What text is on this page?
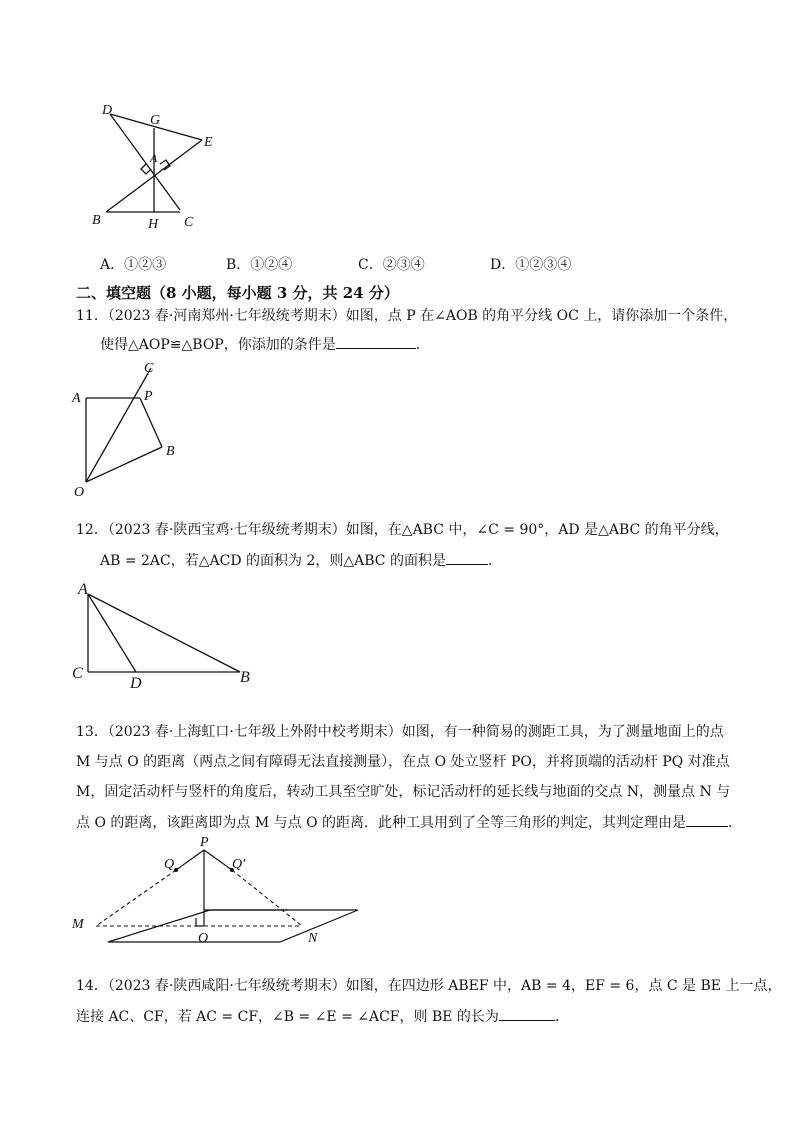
D
G
E
A
B	H C
A．①②③	B．①②④	C．②③④	D．①②③④
二、填空题（8 小题，每小题 3 分，共 24 分）
11．（2023 春·河南郑州·七年级统考期末）如图，点 P 在∠AOB 的角平分线 OC 上，请你添加一个条件，
使得△AOP≌△BOP，你添加的条件是	．
C
A	P
B
O
12．（2023 春·陕西宝鸡·七年级统考期末）如图，在△ABC 中，∠C = 90°，AD 是△ABC 的角平分线，
AB = 2AC，若△ACD 的面积为 2，则△ABC 的面积是	．
A
C
D	B
13．（2023 春·上海虹口·七年级上外附中校考期末）如图，有一种简易的测距工具，为了测量地面上的点
M 与点 O 的距离（两点之间有障碍无法直接测量），在点 O 处立竖杆 PO，并将顶端的活动杆 PQ 对准点
M，固定活动杆与竖杆的角度后，转动工具至空旷处，标记活动杆的延长线与地面的交点 N，测量点 N 与
点 O 的距离，该距离即为点 M 与点 O 的距离．此种工具用到了全等三角形的判定，其判定理由是	．
P
Q	Q′
M
O	N
14．（2023 春·陕西咸阳·七年级统考期末）如图，在四边形 ABEF 中，AB = 4，EF = 6，点 C 是 BE 上一点，
连接 AC、CF，若 AC = CF，∠B = ∠E = ∠ACF，则 BE 的长为	．
